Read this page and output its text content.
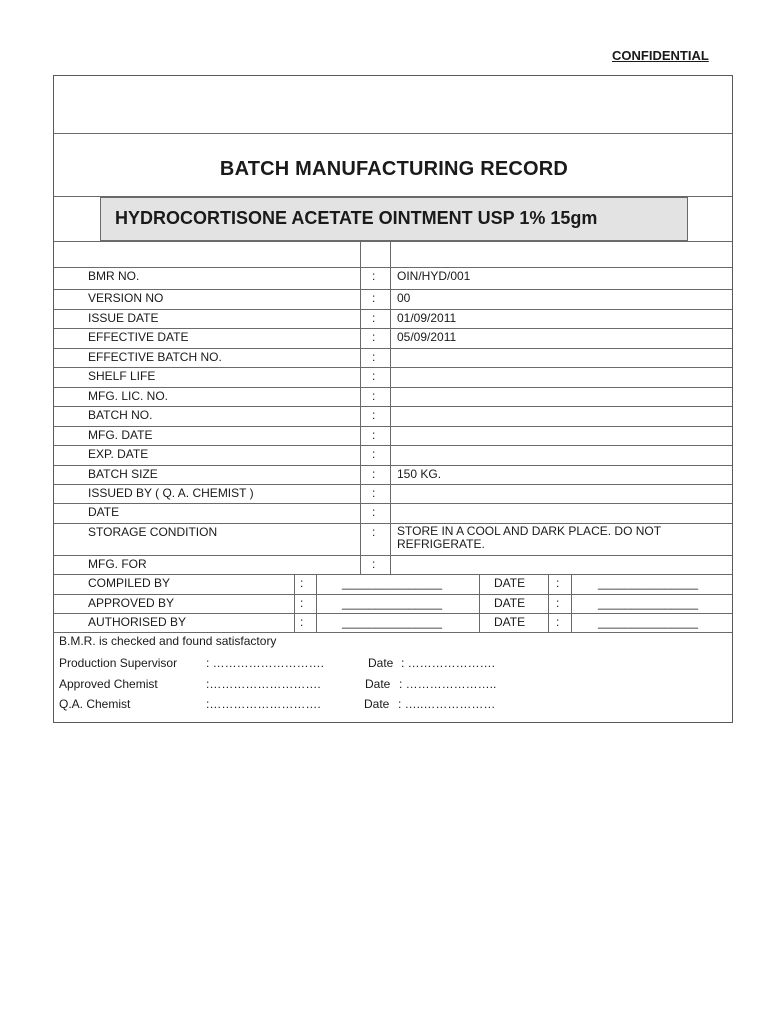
CONFIDENTIAL
BATCH MANUFACTURING RECORD
HYDROCORTISONE ACETATE OINTMENT USP 1% 15gm
BMR NO.	: OIN/HYD/001
VERSION NO	: 00
ISSUE DATE	: 01/09/2011
EFFECTIVE DATE	: 05/09/2011
EFFECTIVE BATCH NO.	:
SHELF LIFE	:
MFG. LIC. NO.	:
BATCH NO.	:
MFG. DATE	:
EXP. DATE	:
BATCH SIZE	: 150 KG.
ISSUED BY ( Q. A. CHEMIST )	:
DATE	:
STORAGE CONDITION	: STORE IN A COOL AND DARK PLACE. DO NOT REFRIGERATE.
MFG. FOR	:
COMPILED BY	:	_______________	DATE	:	_______________
APPROVED BY	:	_______________	DATE	:	_______________
AUTHORISED BY	:	_______________	DATE	:	_______________
B.M.R. is checked and found satisfactory
Production Supervisor : ……………………….	Date : ………………….
Approved Chemist	:……………………….	Date : …………………..
Q.A. Chemist	:……………………….	Date : …..………………
